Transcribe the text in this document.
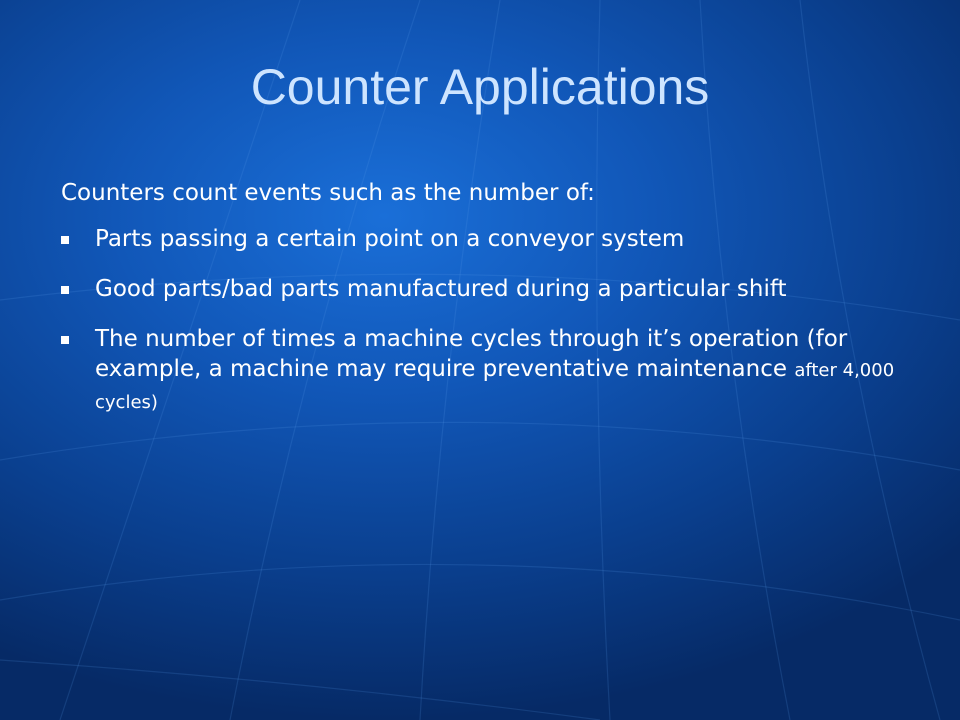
Counter Applications
Counters count events such as the number of:
Parts passing a certain point on a conveyor system
Good parts/bad parts manufactured during a particular shift
The number of times a machine cycles through it’s operation (for example, a machine may require preventative maintenance after 4,000 cycles)
